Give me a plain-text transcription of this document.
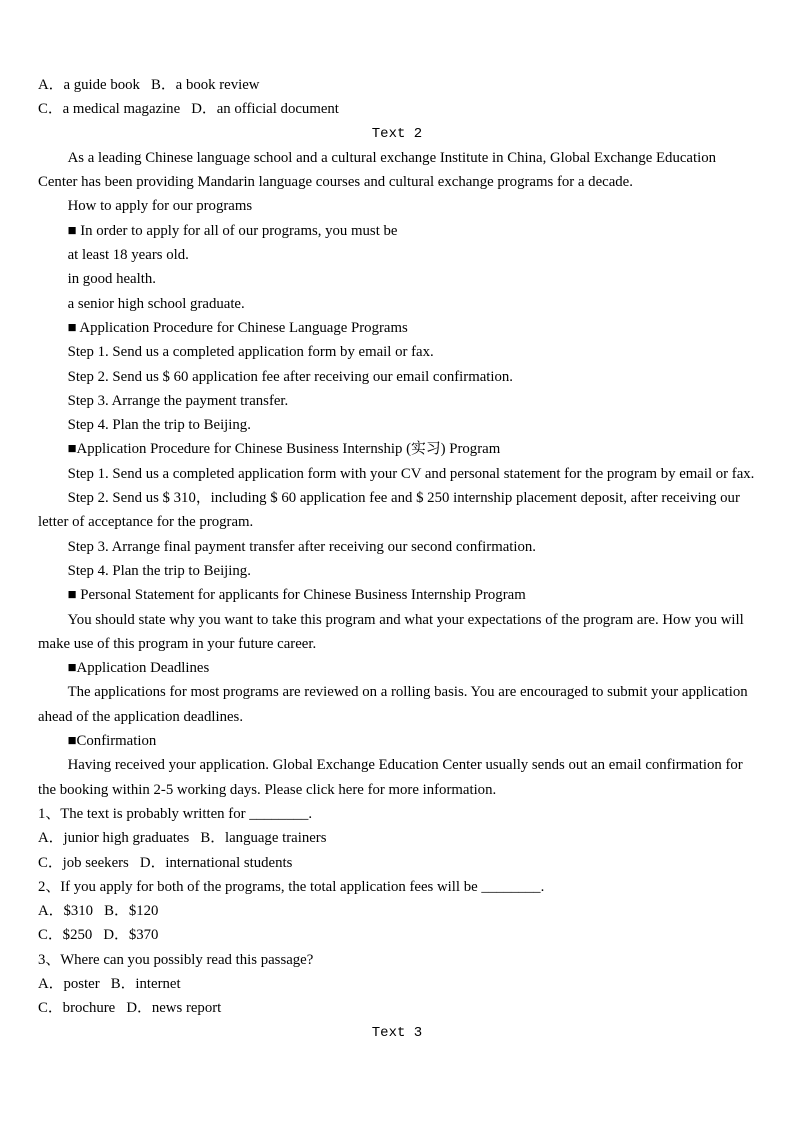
A．a guide book   B．a book review
C．a medical magazine   D．an official document
Text 2
As a leading Chinese language school and a cultural exchange Institute in China, Global Exchange Education Center has been providing Mandarin language courses and cultural exchange programs for a decade.
How to apply for our programs
■ In order to apply for all of our programs, you must be
at least 18 years old.
in good health.
a senior high school graduate.
■ Application Procedure for Chinese Language Programs
Step 1. Send us a completed application form by email or fax.
Step 2. Send us $ 60 application fee after receiving our email confirmation.
Step 3. Arrange the payment transfer.
Step 4. Plan the trip to Beijing.
■Application Procedure for Chinese Business Internship (实习) Program
Step 1. Send us a completed application form with your CV and personal statement for the program by email or fax.
Step 2. Send us $ 310，including $ 60 application fee and $ 250 internship placement deposit, after receiving our letter of acceptance for the program.
Step 3. Arrange final payment transfer after receiving our second confirmation.
Step 4. Plan the trip to Beijing.
■ Personal Statement for applicants for Chinese Business Internship Program
You should state why you want to take this program and what your expectations of the program are. How you will make use of this program in your future career.
■Application Deadlines
The applications for most programs are reviewed on a rolling basis. You are encouraged to submit your application ahead of the application deadlines.
■Confirmation
Having received your application. Global Exchange Education Center usually sends out an email confirmation for the booking within 2-5 working days. Please click here for more information.
1、The text is probably written for ________.
A．junior high graduates   B．language trainers
C．job seekers   D．international students
2、If you apply for both of the programs, the total application fees will be ________.
A．$310   B．$120
C．$250   D．$370
3、Where can you possibly read this passage?
A．poster   B．internet
C．brochure   D．news report
Text 3
